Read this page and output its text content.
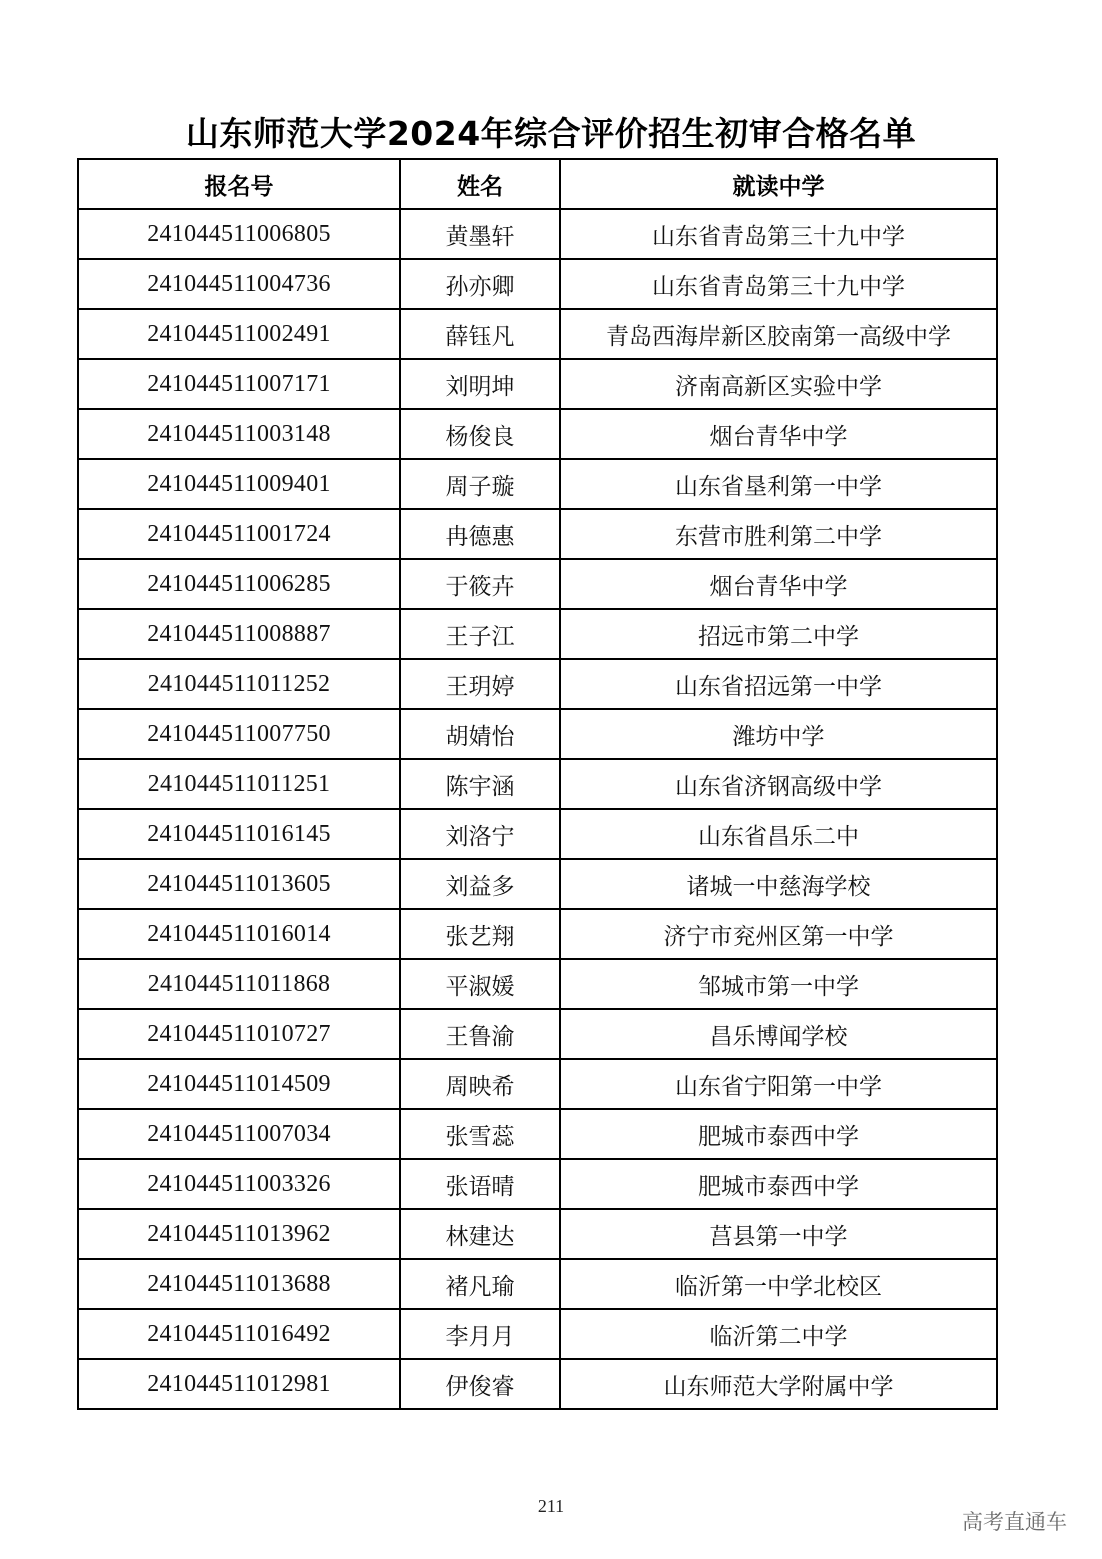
山东师范大学2024年综合评价招生初审合格名单
报名号	姓名	就读中学
241044511006805	黄墨轩	山东省青岛第三十九中学
241044511004736	孙亦卿	山东省青岛第三十九中学
241044511002491	薛钰凡	青岛西海岸新区胶南第一高级中学
241044511007171	刘明坤	济南高新区实验中学
241044511003148	杨俊良	烟台青华中学
241044511009401	周子璇	山东省垦利第一中学
241044511001724	冉德惠	东营市胜利第二中学
241044511006285	于筱卉	烟台青华中学
241044511008887	王子江	招远市第二中学
241044511011252	王玥婷	山东省招远第一中学
241044511007750	胡婧怡	潍坊中学
241044511011251	陈宇涵	山东省济钢高级中学
241044511016145	刘洛宁	山东省昌乐二中
241044511013605	刘益多	诸城一中慈海学校
241044511016014	张艺翔	济宁市兖州区第一中学
241044511011868	平淑媛	邹城市第一中学
241044511010727	王鲁渝	昌乐博闻学校
241044511014509	周映希	山东省宁阳第一中学
241044511007034	张雪蕊	肥城市泰西中学
241044511003326	张语晴	肥城市泰西中学
241044511013962	林建达	莒县第一中学
241044511013688	褚凡瑜	临沂第一中学北校区
241044511016492	李月月	临沂第二中学
241044511012981	伊俊睿	山东师范大学附属中学
211
高考直通车
